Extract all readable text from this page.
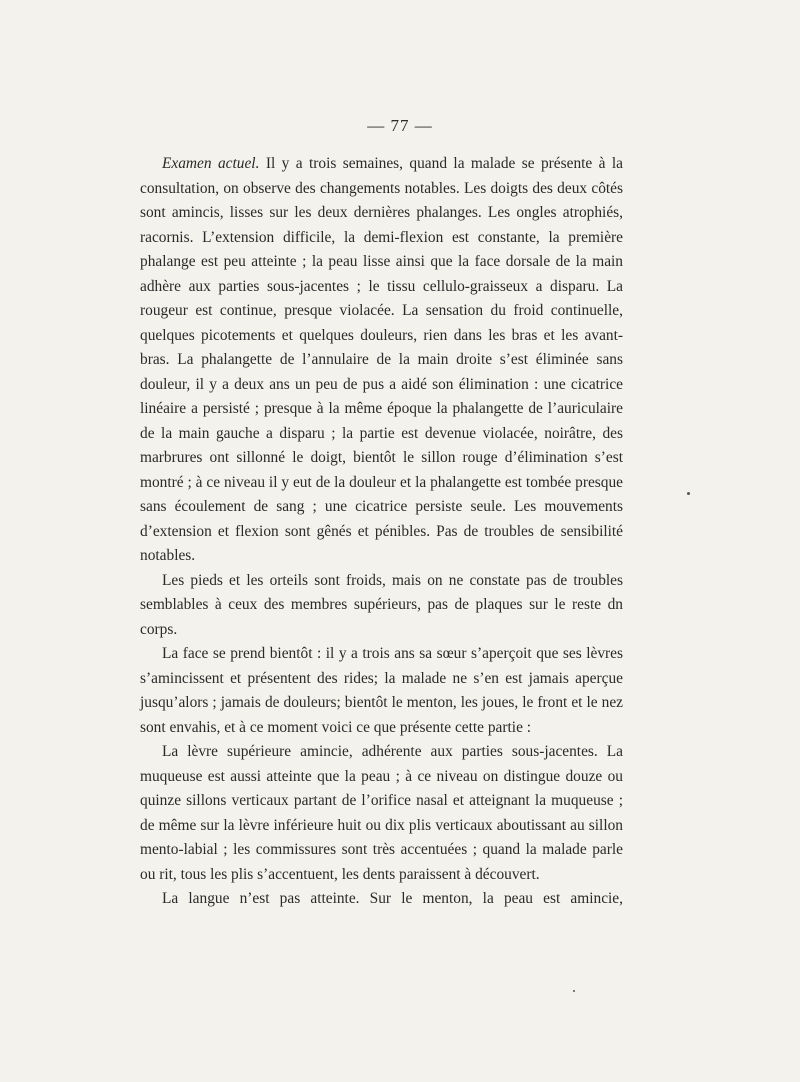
— 77 —

Examen actuel. Il y a trois semaines, quand la malade se présente à la consultation, on observe des changements notables. Les doigts des deux côtés sont amincis, lisses sur les deux dernières phalanges. Les ongles atrophiés, racornis. L’extension difficile, la demi-flexion est constante, la première phalange est peu atteinte ; la peau lisse ainsi que la face dorsale de la main adhère aux parties sous-jacentes ; le tissu cellulo-graisseux a disparu. La rougeur est continue, presque violacée. La sensation du froid continuelle, quelques picotements et quelques douleurs, rien dans les bras et les avant-bras. La phalangette de l’annulaire de la main droite s’est éliminée sans douleur, il y a deux ans un peu de pus a aidé son élimination : une cicatrice linéaire a persisté ; presque à la même époque la phalangette de l’auriculaire de la main gauche a disparu ; la partie est devenue violacée, noirâtre, des marbrures ont sillonné le doigt, bientôt le sillon rouge d’élimination s’est montré ; à ce niveau il y eut de la douleur et la phalangette est tombée presque sans écoulement de sang ; une cicatrice persiste seule. Les mouvements d’extension et flexion sont gênés et pénibles. Pas de troubles de sensibilité notables.

Les pieds et les orteils sont froids, mais on ne constate pas de troubles semblables à ceux des membres supérieurs, pas de plaques sur le reste dn corps.

La face se prend bientôt : il y a trois ans sa sœur s’aperçoit que ses lèvres s’amincissent et présentent des rides; la malade ne s’en est jamais aperçue jusqu’alors ; jamais de douleurs; bientôt le menton, les joues, le front et le nez sont envahis, et à ce moment voici ce que présente cette partie :

La lèvre supérieure amincie, adhérente aux parties sous-jacentes. La muqueuse est aussi atteinte que la peau ; à ce niveau on distingue douze ou quinze sillons verticaux partant de l’orifice nasal et atteignant la muqueuse ; de même sur la lèvre inférieure huit ou dix plis verticaux aboutissant au sillon mento-labial ; les commissures sont très accentuées ; quand la malade parle ou rit, tous les plis s’accentuent, les dents paraissent à découvert.

La langue n’est pas atteinte. Sur le menton, la peau est amincie,
